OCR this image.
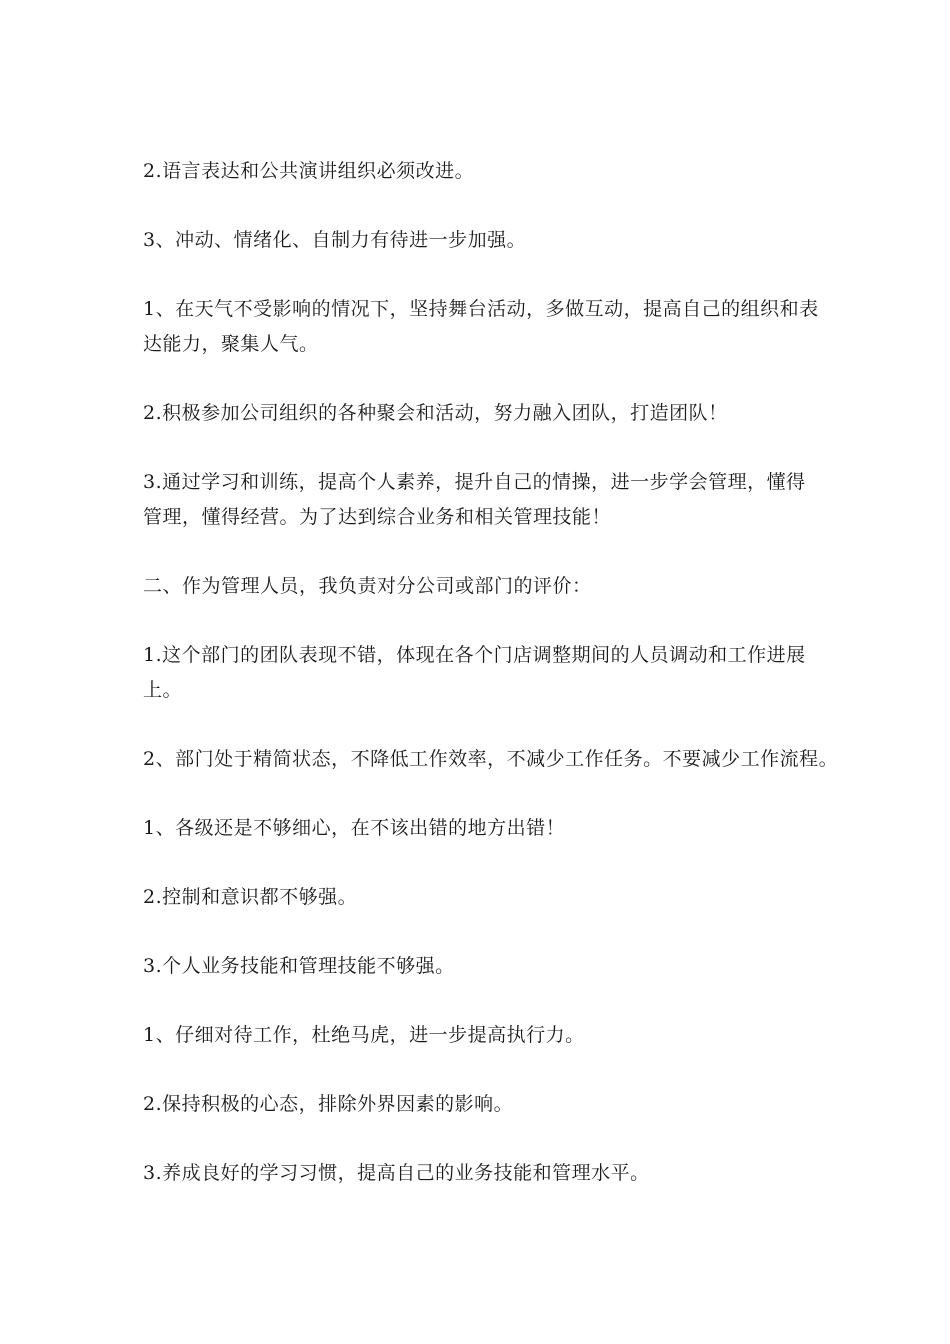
2.语言表达和公共演讲组织必须改进。

3、冲动、情绪化、自制力有待进一步加强。

1、在天气不受影响的情况下，坚持舞台活动，多做互动，提高自己的组织和表达能力，聚集人气。

2.积极参加公司组织的各种聚会和活动，努力融入团队，打造团队！

3.通过学习和训练，提高个人素养，提升自己的情操，进一步学会管理，懂得管理，懂得经营。为了达到综合业务和相关管理技能！

二、作为管理人员，我负责对分公司或部门的评价：

1.这个部门的团队表现不错，体现在各个门店调整期间的人员调动和工作进展上。

2、部门处于精简状态，不降低工作效率，不减少工作任务。不要减少工作流程。

1、各级还是不够细心，在不该出错的地方出错！

2.控制和意识都不够强。

3.个人业务技能和管理技能不够强。

1、仔细对待工作，杜绝马虎，进一步提高执行力。

2.保持积极的心态，排除外界因素的影响。

3.养成良好的学习习惯，提高自己的业务技能和管理水平。
